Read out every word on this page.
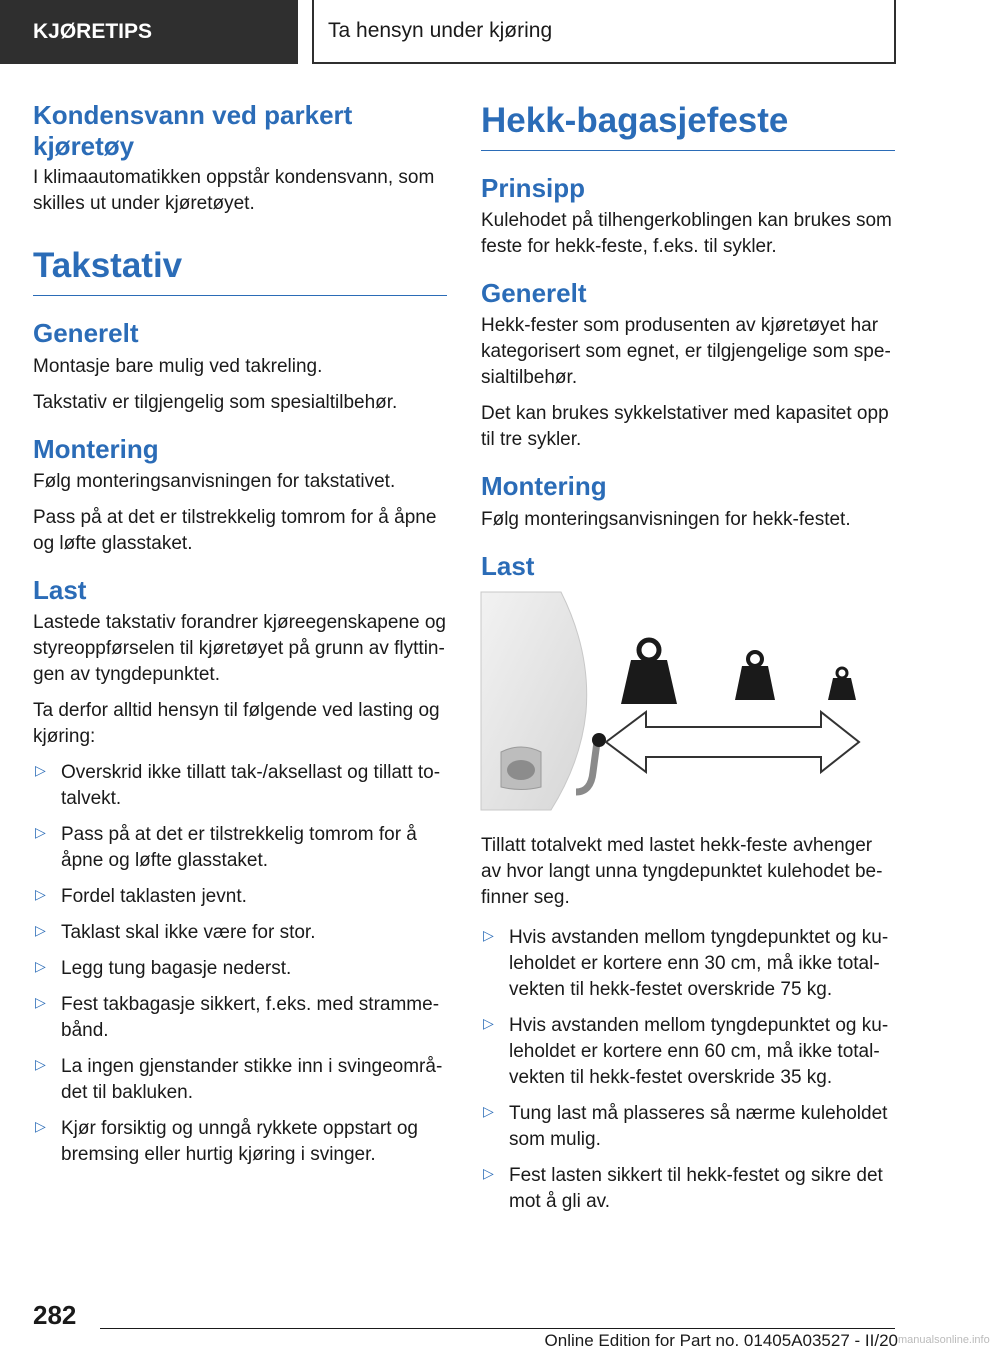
KJØRETIPS	Ta hensyn under kjøring
Kondensvann ved parkert kjøretøy

I klimaautomatikken oppstår kondensvann, som skilles ut under kjøretøyet.

Takstativ
Generelt

Montasje bare mulig ved takreling.

Takstativ er tilgjengelig som spesialtilbehør.

Montering

Følg monteringsanvisningen for takstativet.

Pass på at det er tilstrekkelig tomrom for å åpne og løfte glasstaket.

Last

Lastede takstativ forandrer kjøreegenskapene og styreoppførselen til kjøretøyet på grunn av flyttingen av tyngdepunktet.

Ta derfor alltid hensyn til følgende ved lasting og kjøring:

▷ Overskrid ikke tillatt tak-/aksellast og tillatt totalvekt.
▷ Pass på at det er tilstrekkelig tomrom for å åpne og løfte glasstaket.
▷ Fordel taklasten jevnt.
▷ Taklast skal ikke være for stor.
▷ Legg tung bagasje nederst.
▷ Fest takbagasje sikkert, f.eks. med strammebånd.
▷ La ingen gjenstander stikke inn i svingeområdet til bakluken.
▷ Kjør forsiktig og unngå rykkete oppstart og bremsing eller hurtig kjøring i svinger.
Hekk-bagasjefeste
Prinsipp

Kulehodet på tilhengerkoblingen kan brukes som feste for hekk-feste, f.eks. til sykler.

Generelt

Hekk-fester som produsenten av kjøretøyet har kategorisert som egnet, er tilgjengelige som spesialtilbehør.

Det kan brukes sykkelstativer med kapasitet opp til tre sykler.

Montering

Følg monteringsanvisningen for hekk-festet.

Last

Tillatt totalvekt med lastet hekk-feste avhenger av hvor langt unna tyngdepunktet kulehodet befinner seg.

▷ Hvis avstanden mellom tyngdepunktet og kuleholdet er kortere enn 30 cm, må ikke totalvekten til hekk-festet overskride 75 kg.
▷ Hvis avstanden mellom tyngdepunktet og kuleholdet er kortere enn 60 cm, må ikke totalvekten til hekk-festet overskride 35 kg.
▷ Tung last må plasseres så nærme kuleholdet som mulig.
▷ Fest lasten sikkert til hekk-festet og sikre det mot å gli av.
282
Online Edition for Part no. 01405A03527 - II/20 manualsonline.info
